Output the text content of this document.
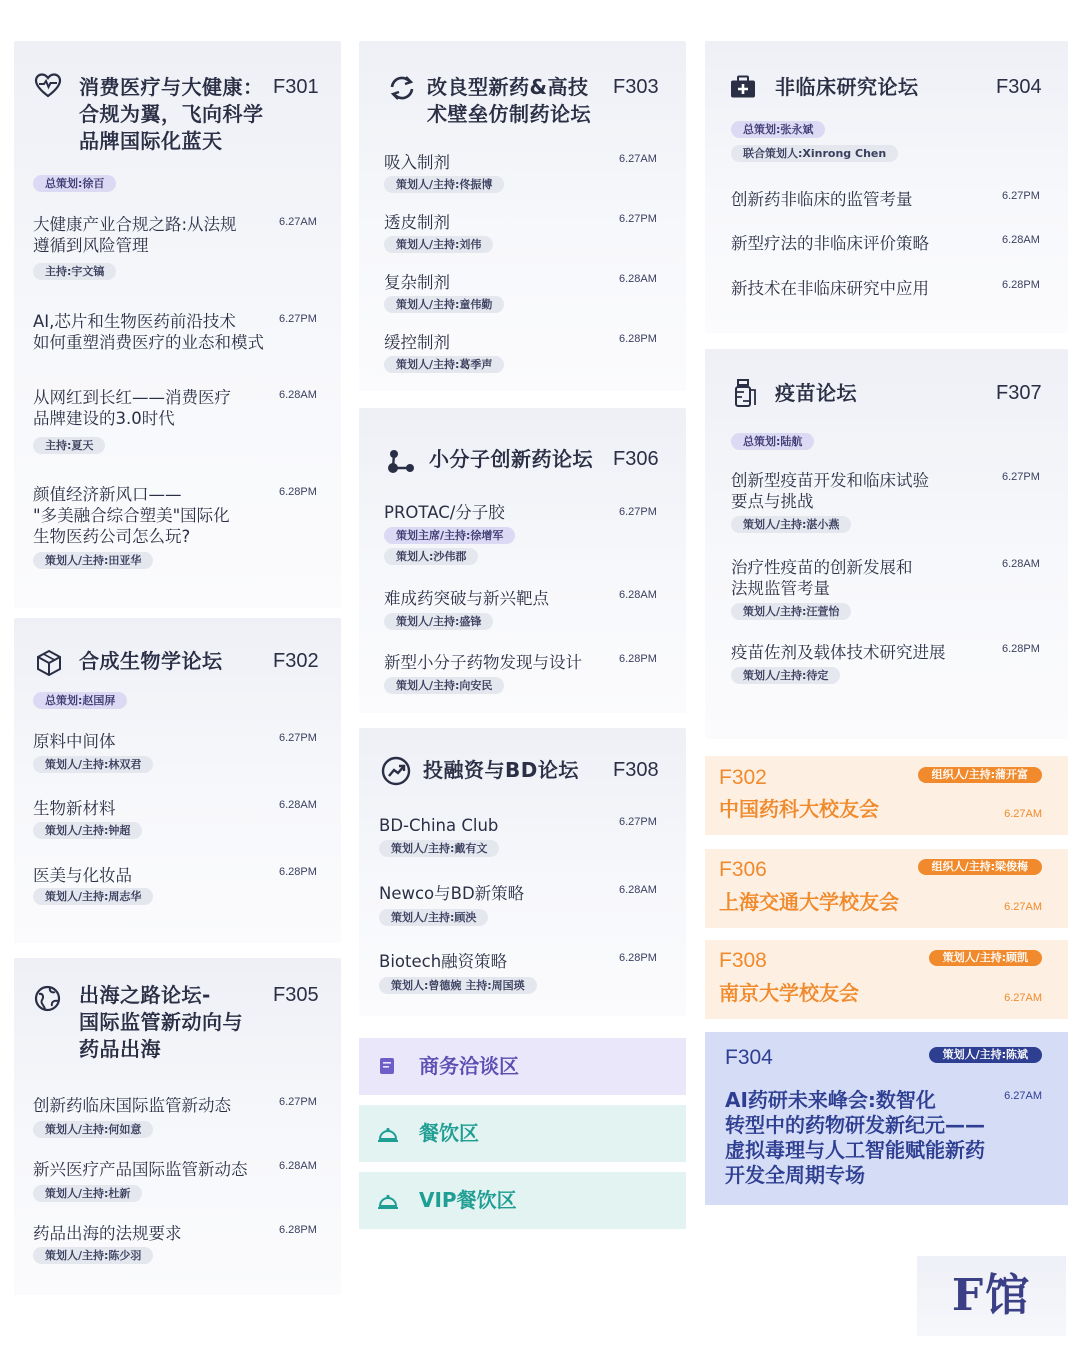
消费医疗与大健康：
合规为翼，飞向科学
品牌国际化蓝天
F301
总策划:徐百
大健康产业合规之路:从法规
遵循到风险管理
6.27AM
主持:宇文镐
AI,芯片和生物医药前沿技术
如何重塑消费医疗的业态和模式
6.27PM
从网红到长红——消费医疗
品牌建设的3.0时代
6.28AM
主持:夏天
颜值经济新风口——
"多美融合综合塑美"国际化
生物医药公司怎么玩?
6.28PM
策划人/主持:田亚华
合成生物学论坛	F302
总策划:赵国屏
原料中间体	6.27PM
策划人/主持:林双君
生物新材料	6.28AM
策划人/主持:钟超
医美与化妆品	6.28PM
策划人/主持:周志华
出海之路论坛-
国际监管新动向与
药品出海
F305
创新药临床国际监管新动态	6.27PM
策划人/主持:何如意
新兴医疗产品国际监管新动态	6.28AM
策划人/主持:杜新
药品出海的法规要求	6.28PM
策划人/主持:陈少羽
改良型新药&高技
术壁垒仿制药论坛
F303
吸入制剂	6.27AM
策划人/主持:佟振博
透皮制剂	6.27PM
策划人/主持:刘伟
复杂制剂	6.28AM
策划人/主持:童伟勤
缓控制剂	6.28PM
策划人/主持:葛季声
小分子创新药论坛 F306
PROTAC/分子胶	6.27PM
策划主席/主持:徐增军
策划人:沙伟郡
难成药突破与新兴靶点	6.28AM
策划人/主持:盛锋
新型小分子药物发现与设计	6.28PM
策划人/主持:向安民
投融资与BD论坛 F308
BD-China Club	6.27PM
策划人/主持:戴有文
Newco与BD新策略	6.28AM
策划人/主持:顾泱
Biotech融资策略	6.28PM
策划人:曾德婉 主持:周国瑛
商务洽谈区
餐饮区
VIP餐饮区
非临床研究论坛	F304
总策划:张永斌
联合策划人:Xinrong Chen
创新药非临床的监管考量	6.27PM
新型疗法的非临床评价策略	6.28AM
新技术在非临床研究中应用	6.28PM
疫苗论坛	F307
总策划:陆航
创新型疫苗开发和临床试验
要点与挑战
6.27PM
策划人/主持:湛小燕
治疗性疫苗的创新发展和
法规监管考量
6.28AM
策划人/主持:汪萱怡
疫苗佐剂及载体技术研究进展	6.28PM
策划人/主持:待定
F302	组织人/主持:蒲开富
中国药科大校友会	6.27AM
F306	组织人/主持:梁俊梅
上海交通大学校友会	6.27AM
F308	策划人/主持:顾凯
南京大学校友会	6.27AM
F304	策划人/主持:陈斌
6.27AM
AI药研未来峰会:数智化
转型中的药物研发新纪元——
虚拟毒理与人工智能赋能新药
开发全周期专场
F馆
